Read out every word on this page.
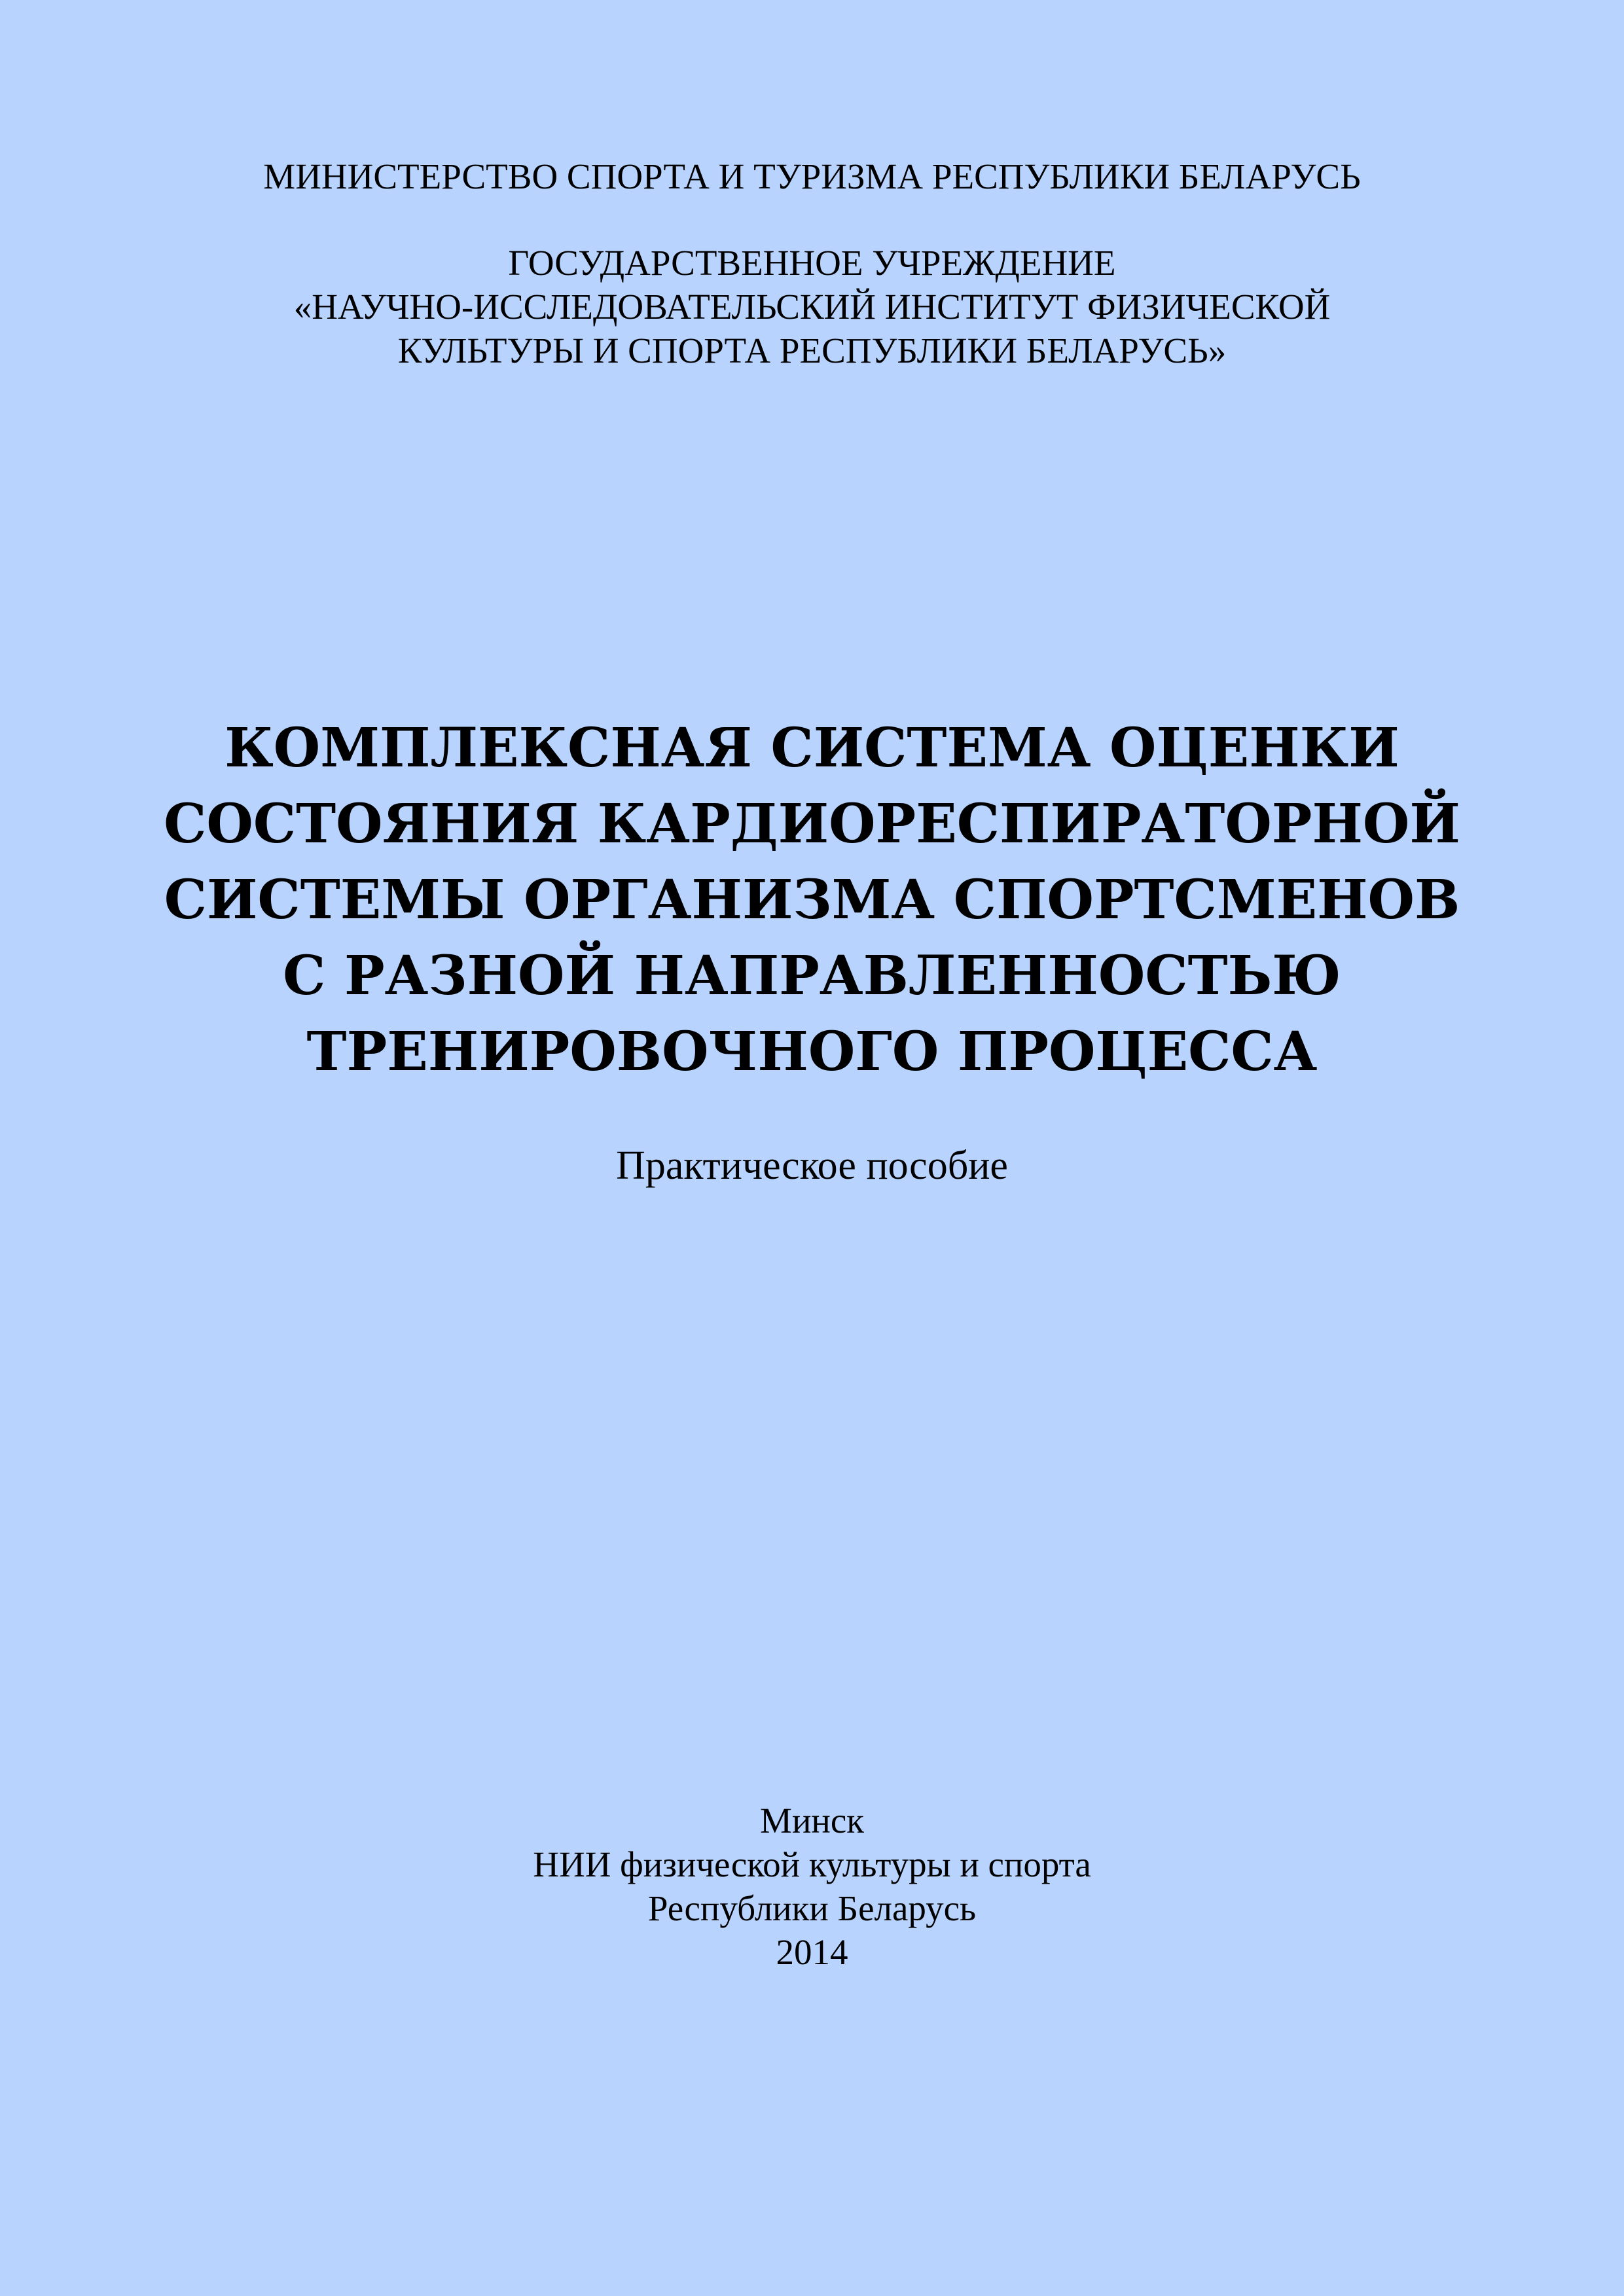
МИНИСТЕРСТВО СПОРТА И ТУРИЗМА РЕСПУБЛИКИ БЕЛАРУСЬ
ГОСУДАРСТВЕННОЕ УЧРЕЖДЕНИЕ
«НАУЧНО-ИССЛЕДОВАТЕЛЬСКИЙ ИНСТИТУТ ФИЗИЧЕСКОЙ
КУЛЬТУРЫ И СПОРТА РЕСПУБЛИКИ БЕЛАРУСЬ»
КОМПЛЕКСНАЯ СИСТЕМА ОЦЕНКИ
СОСТОЯНИЯ КАРДИОРЕСПИРАТОРНОЙ
СИСТЕМЫ ОРГАНИЗМА СПОРТСМЕНОВ
С РАЗНОЙ НАПРАВЛЕННОСТЬЮ
ТРЕНИРОВОЧНОГО ПРОЦЕССА
Практическое пособие
Минск
НИИ физической культуры и спорта
Республики Беларусь
2014
